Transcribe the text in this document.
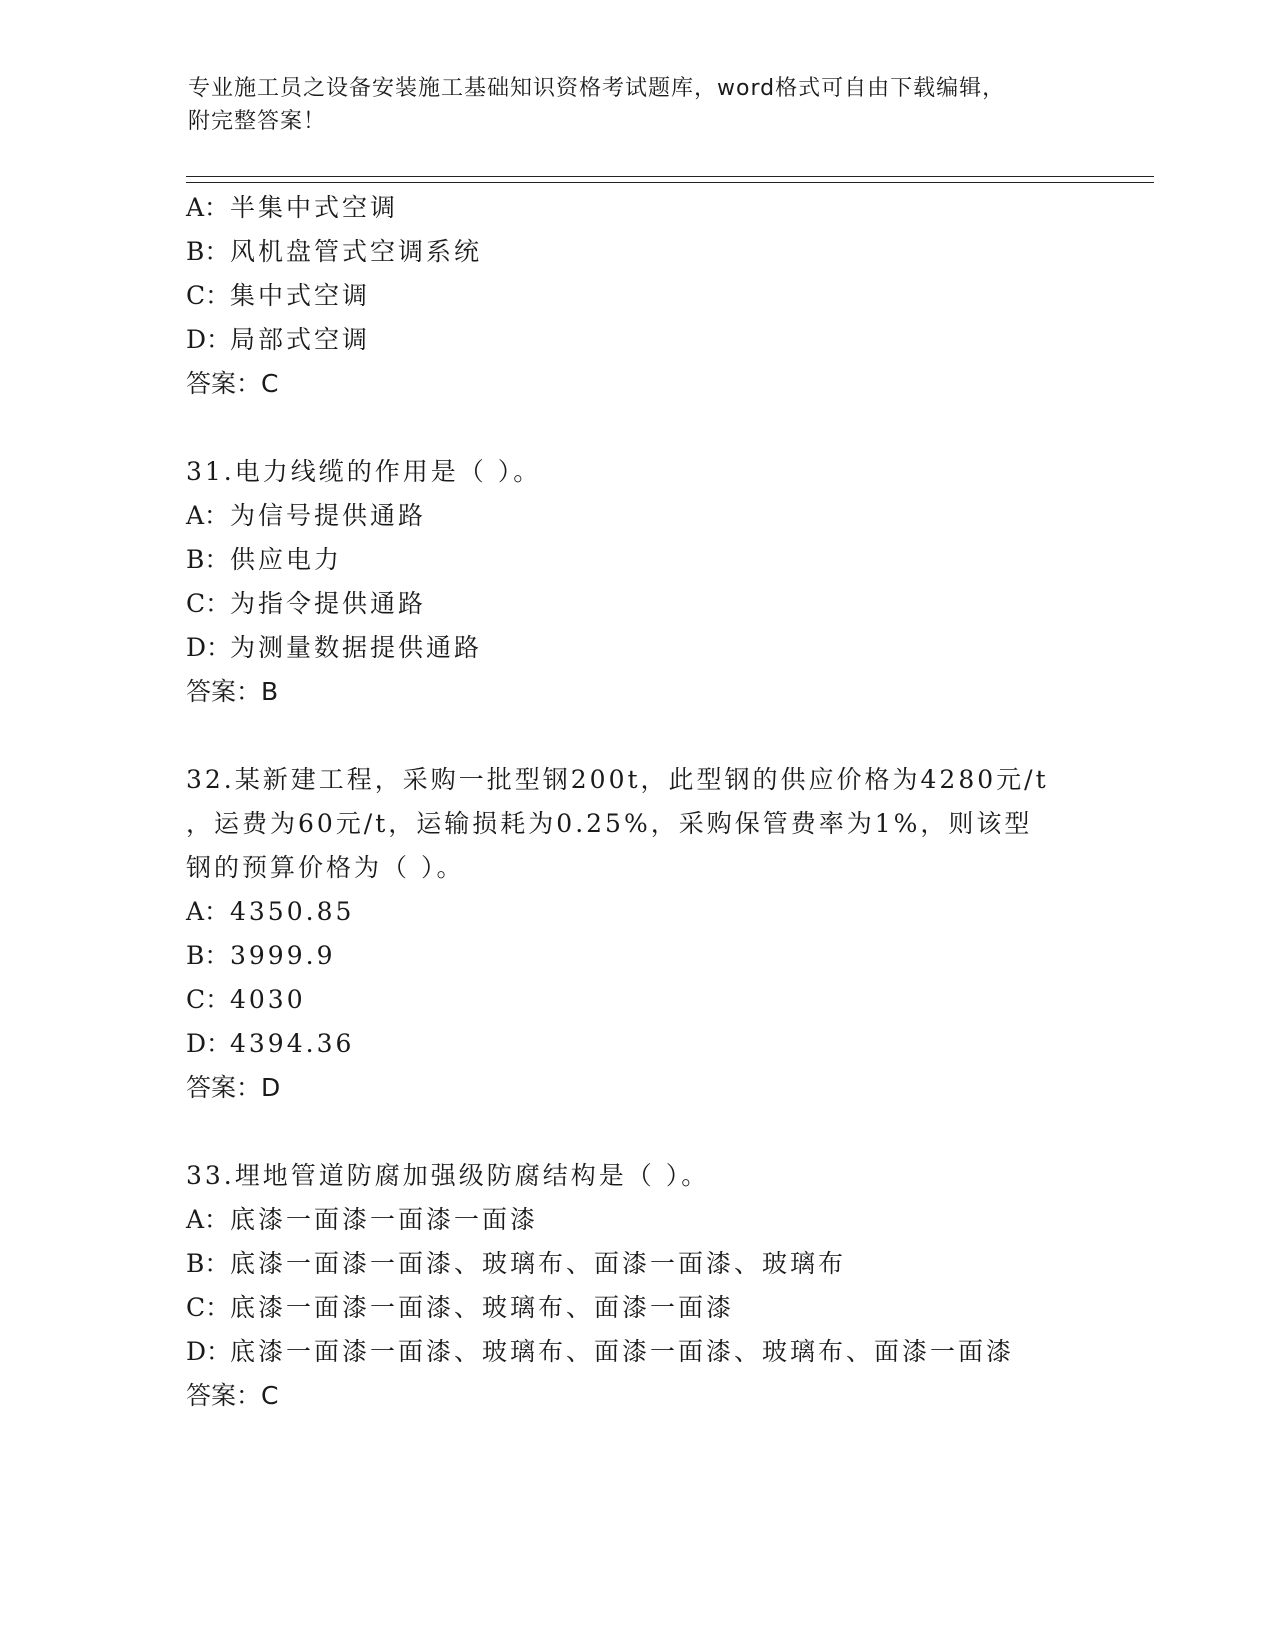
专业施工员之设备安装施工基础知识资格考试题库，word格式可自由下载编辑，
附完整答案！
A：半集中式空调
B：风机盘管式空调系统
C：集中式空调
D：局部式空调
答案：C
31.电力线缆的作用是（ ）。
A：为信号提供通路
B：供应电力
C：为指令提供通路
D：为测量数据提供通路
答案：B
32.某新建工程，采购一批型钢200t，此型钢的供应价格为4280元/t
，运费为60元/t，运输损耗为0.25%，采购保管费率为1%，则该型
钢的预算价格为（ ）。
A：4350.85
B：3999.9
C：4030
D：4394.36
答案：D
33.埋地管道防腐加强级防腐结构是（ ）。
A：底漆一面漆一面漆一面漆
B：底漆一面漆一面漆、玻璃布、面漆一面漆、玻璃布
C：底漆一面漆一面漆、玻璃布、面漆一面漆
D：底漆一面漆一面漆、玻璃布、面漆一面漆、玻璃布、面漆一面漆
答案：C
